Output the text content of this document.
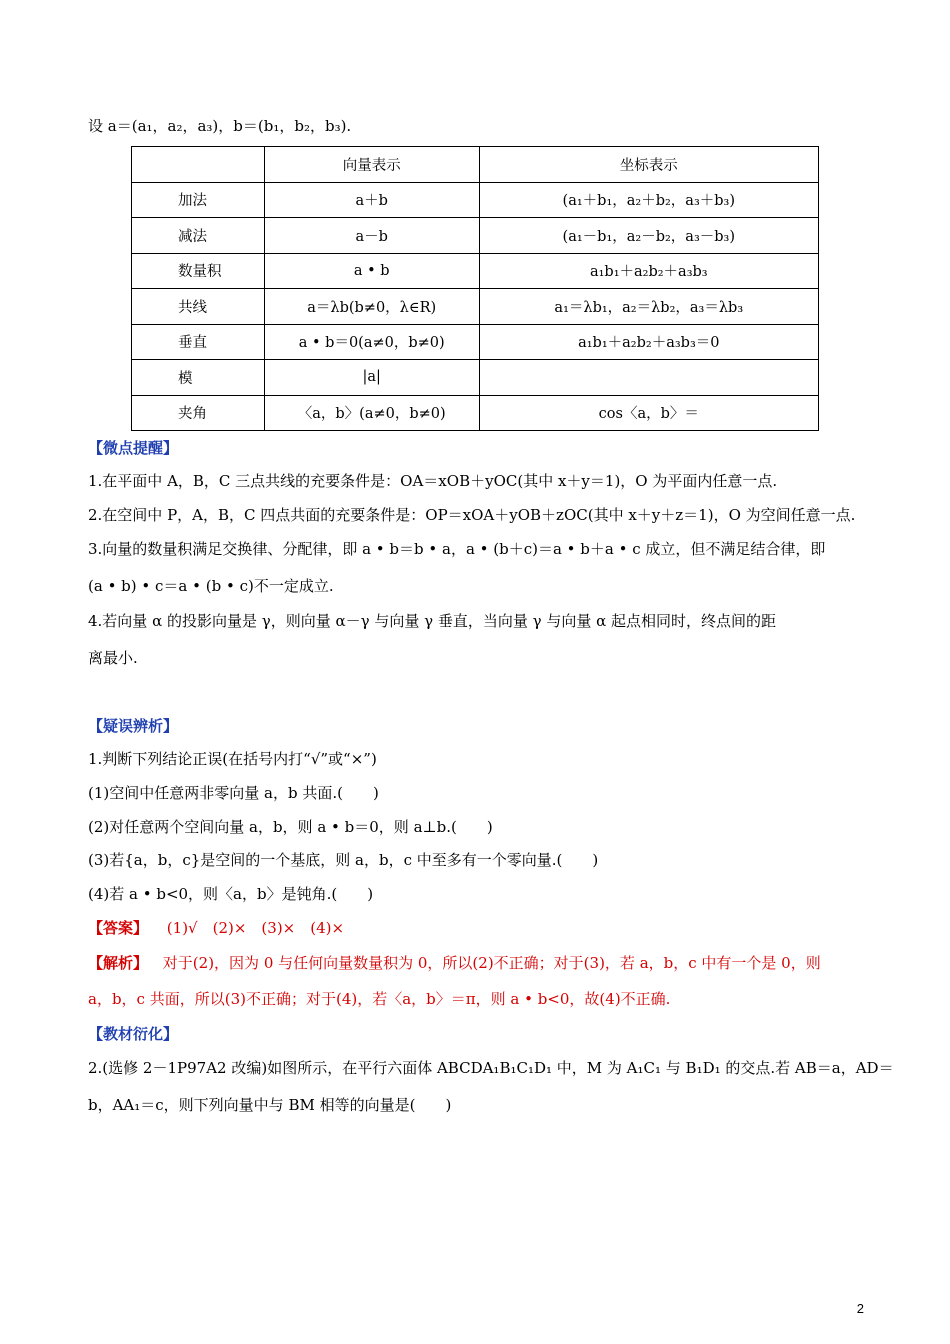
设 a＝(a₁，a₂，a₃)，b＝(b₁，b₂，b₃).
	向量表示	坐标表示
加法	a＋b	(a₁＋b₁，a₂＋b₂，a₃＋b₃)
减法	a－b	(a₁－b₁，a₂－b₂，a₃－b₃)
数量积	a • b	a₁b₁＋a₂b₂＋a₃b₃
共线	a＝λb(b≠0，λ∈R)	a₁＝λb₁，a₂＝λb₂，a₃＝λb₃
垂直	a • b＝0(a≠0，b≠0)	a₁b₁＋a₂b₂＋a₃b₃＝0
模	|a|	
夹角	〈a，b〉(a≠0，b≠0)	cos〈a，b〉＝
【微点提醒】
1.在平面中 A，B，C 三点共线的充要条件是：OA＝xOB＋yOC(其中 x＋y＝1)，O 为平面内任意一点.
2.在空间中 P，A，B，C 四点共面的充要条件是：OP＝xOA＋yOB＋zOC(其中 x＋y＋z＝1)，O 为空间任意一点.
3.向量的数量积满足交换律、分配律，即 a • b＝b • a，a • (b＋c)＝a • b＋a • c 成立，但不满足结合律，即
(a • b) • c＝a • (b • c)不一定成立.
4.若向量 α 的投影向量是 γ，则向量 α－γ 与向量 γ 垂直，当向量 γ 与向量 α 起点相同时，终点间的距
离最小.
【疑误辨析】
1.判断下列结论正误(在括号内打“√”或“×”)
(1)空间中任意两非零向量 a，b 共面.(　　)
(2)对任意两个空间向量 a，b，则 a • b＝0，则 a⊥b.(　　)
(3)若{a，b，c}是空间的一个基底，则 a，b，c 中至多有一个零向量.(　　)
(4)若 a • b<0，则〈a，b〉是钝角.(　　)
【答案】 (1)√　(2)×　(3)×　(4)×
【解析】 对于(2)，因为 0 与任何向量数量积为 0，所以(2)不正确；对于(3)，若 a，b，c 中有一个是 0，则
a，b，c 共面，所以(3)不正确；对于(4)，若〈a，b〉＝π，则 a • b<0，故(4)不正确.
【教材衍化】
2.(选修 2－1P97A2 改编)如图所示，在平行六面体 ABCDA₁B₁C₁D₁ 中，M 为 A₁C₁ 与 B₁D₁ 的交点.若 AB＝a，AD＝
b，AA₁＝c，则下列向量中与 BM 相等的向量是(　　)
2
